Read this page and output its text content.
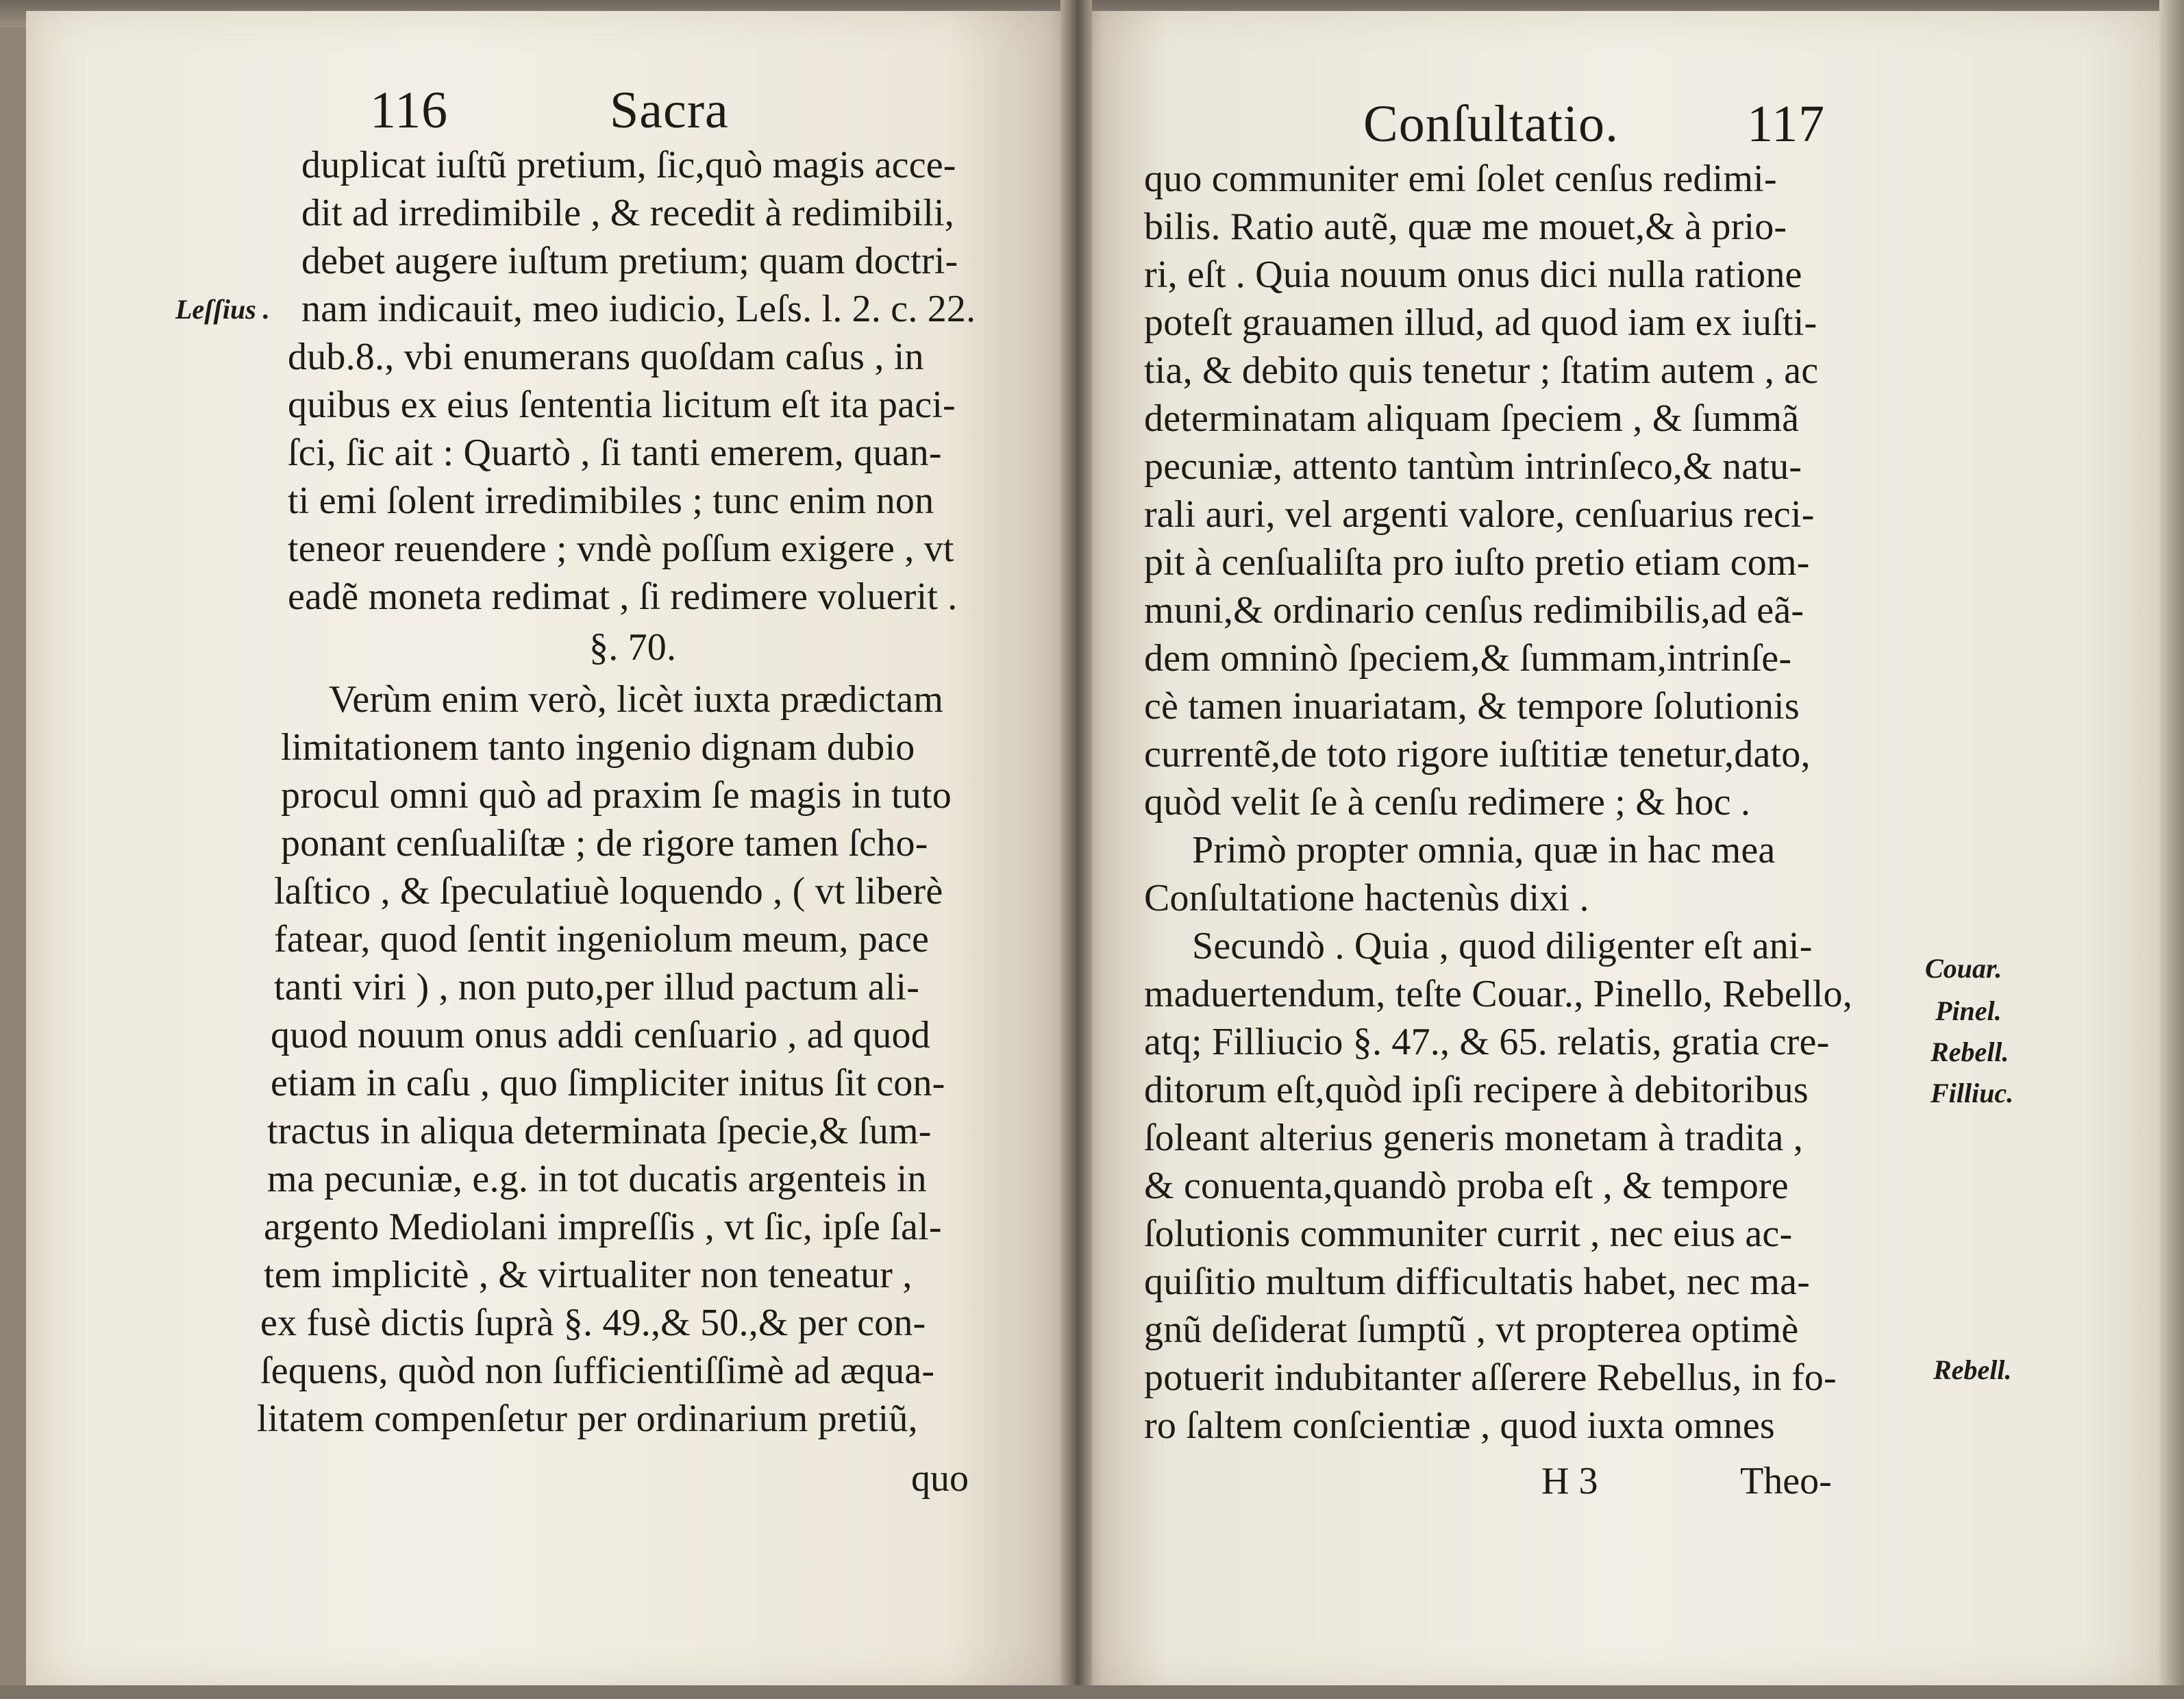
116	Sacra
duplicat iuſtũ pretium, ſic,quò magis acce-
dit ad irredimibile , & recedit à redimibili,
debet augere iuſtum pretium; quam doctri-
nam indicauit, meo iudicio, Leſs. l. 2. c. 22.
dub.8., vbi enumerans quoſdam caſus , in
quibus ex eius ſententia licitum eſt ita paci-
ſci, ſic ait : Quartò , ſi tanti emerem, quan-
ti emi ſolent irredimibiles ; tunc enim non
teneor reuendere ; vndè poſſum exigere , vt
eadẽ moneta redimat , ſi redimere voluerit .
§. 70.
Verùm enim verò, licèt iuxta prædictam
limitationem tanto ingenio dignam dubio
procul omni quò ad praxim ſe magis in tuto
ponant cenſualiſtæ ; de rigore tamen ſcho-
laſtico , & ſpeculatiuè loquendo , ( vt liberè
fatear, quod ſentit ingeniolum meum, pace
tanti viri ) , non puto,per illud pactum ali-
quod nouum onus addi cenſuario , ad quod
etiam in caſu , quo ſimpliciter initus ſit con-
tractus in aliqua determinata ſpecie,& ſum-
ma pecuniæ, e.g. in tot ducatis argenteis in
argento Mediolani impreſſis , vt ſic, ipſe ſal-
tem implicitè , & virtualiter non teneatur ,
ex fusè dictis ſuprà §. 49.,& 50.,& per con-
ſequens, quòd non ſufficientiſſimè ad æqua-
litatem compenſetur per ordinarium pretiũ,
quo
Leſſius .
Conſultatio. 117
quo communiter emi ſolet cenſus redimi-
bilis. Ratio autẽ, quæ me mouet,& à prio-
ri, eſt . Quia nouum onus dici nulla ratione
poteſt grauamen illud, ad quod iam ex iuſti-
tia, & debito quis tenetur ; ſtatim autem , ac
determinatam aliquam ſpeciem , & ſummã
pecuniæ, attento tantùm intrinſeco,& natu-
rali auri, vel argenti valore, cenſuarius reci-
pit à cenſualiſta pro iuſto pretio etiam com-
muni,& ordinario cenſus redimibilis,ad eã-
dem omninò ſpeciem,& ſummam,intrinſe-
cè tamen inuariatam, & tempore ſolutionis
currentẽ,de toto rigore iuſtitiæ tenetur,dato,
quòd velit ſe à cenſu redimere ; & hoc .
Primò propter omnia, quæ in hac mea
Conſultatione hactenùs dixi .
Secundò . Quia , quod diligenter eſt ani-
maduertendum, teſte Couar., Pinello, Rebello,
atq; Filliucio §. 47., & 65. relatis, gratia cre-
ditorum eſt,quòd ipſi recipere à debitoribus
ſoleant alterius generis monetam à tradita ,
& conuenta,quandò proba eſt , & tempore
ſolutionis communiter currit , nec eius ac-
quiſitio multum difficultatis habet, nec ma-
gnũ deſiderat ſumptũ , vt propterea optimè
potuerit indubitanter aſſerere Rebellus, in fo-
ro ſaltem conſcientiæ , quod iuxta omnes
H 3	Theo-
Couar.
Pinel.
Rebell.
Filliuc.
Rebell.
